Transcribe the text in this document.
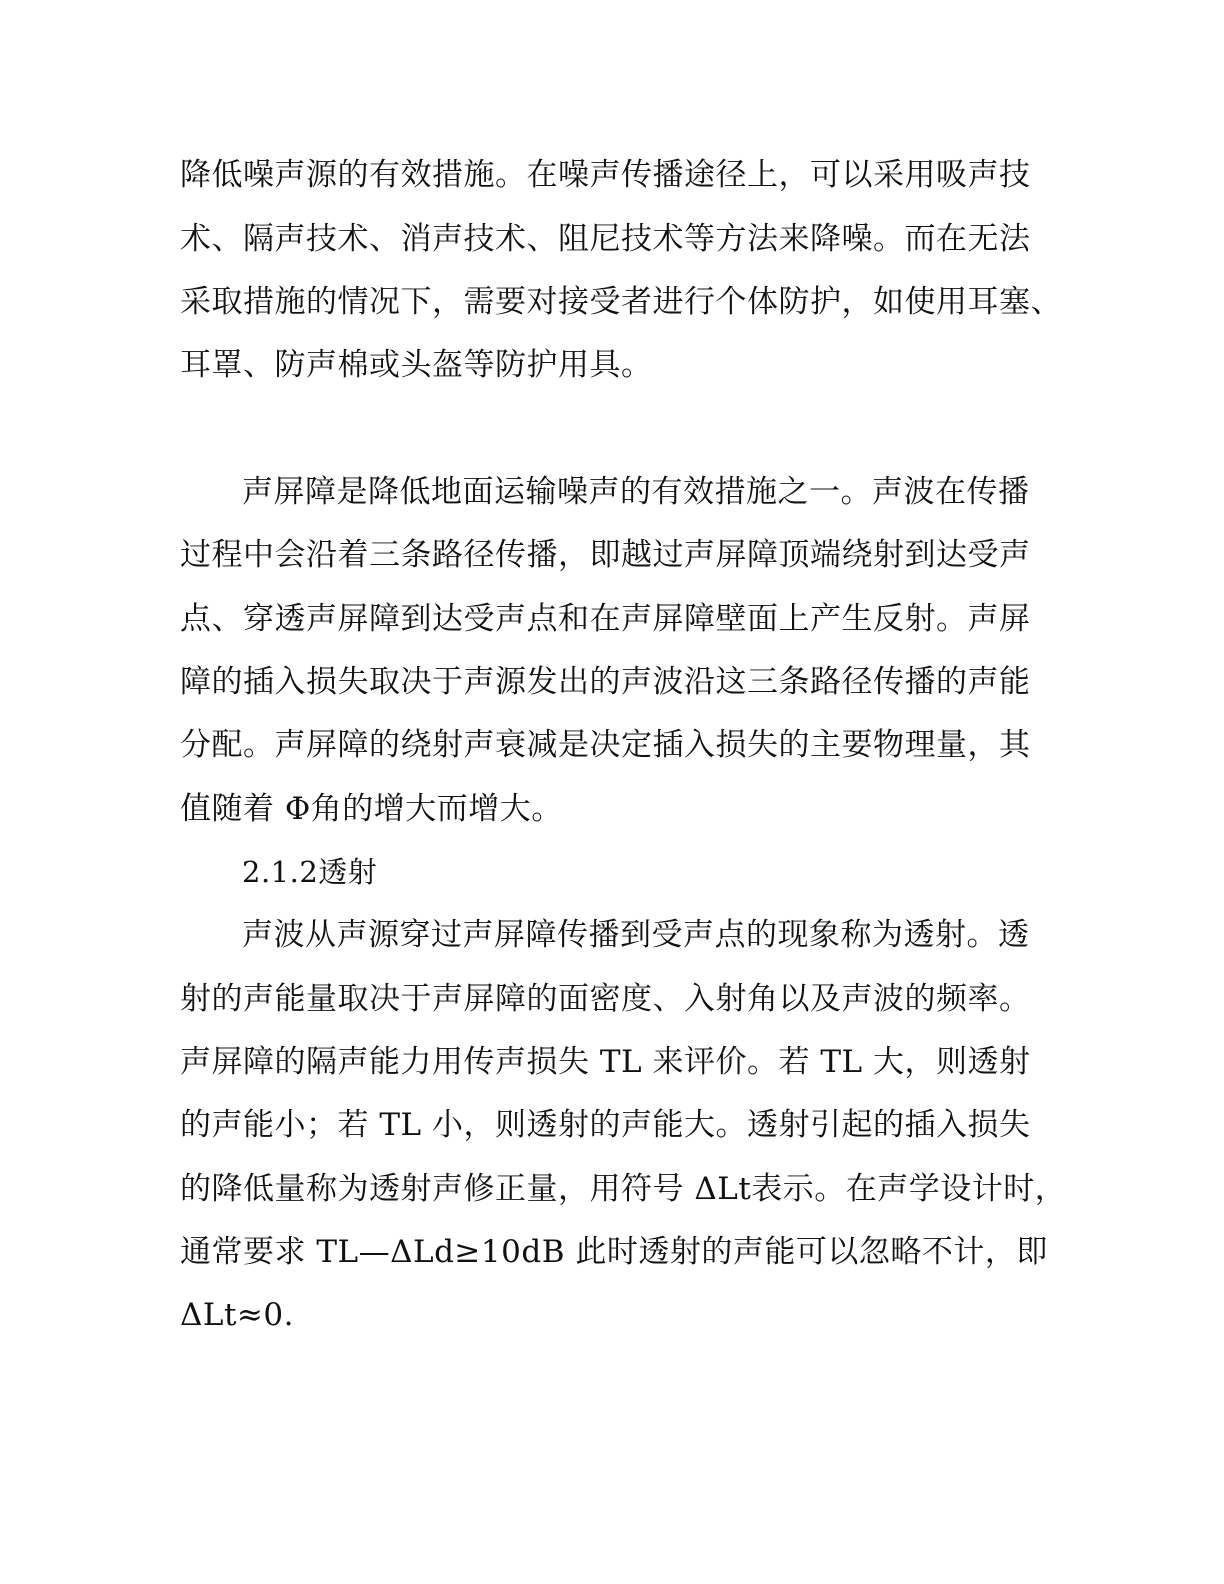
降低噪声源的有效措施。在噪声传播途径上，可以采用吸声技
术、隔声技术、消声技术、阻尼技术等方法来降噪。而在无法
采取措施的情况下，需要对接受者进行个体防护，如使用耳塞、
耳罩、防声棉或头盔等防护用具。
声屏障是降低地面运输噪声的有效措施之一。声波在传播
过程中会沿着三条路径传播，即越过声屏障顶端绕射到达受声
点、穿透声屏障到达受声点和在声屏障壁面上产生反射。声屏
障的插入损失取决于声源发出的声波沿这三条路径传播的声能
分配。声屏障的绕射声衰减是决定插入损失的主要物理量，其
值随着 Φ角的增大而增大。
2.1.2透射
声波从声源穿过声屏障传播到受声点的现象称为透射。透
射的声能量取决于声屏障的面密度、入射角以及声波的频率。
声屏障的隔声能力用传声损失 TL 来评价。若 TL 大，则透射
的声能小；若 TL 小，则透射的声能大。透射引起的插入损失
的降低量称为透射声修正量，用符号 ΔLt表示。在声学设计时，
通常要求 TL—ΔLd≥10dB 此时透射的声能可以忽略不计，即
ΔLt≈0.
